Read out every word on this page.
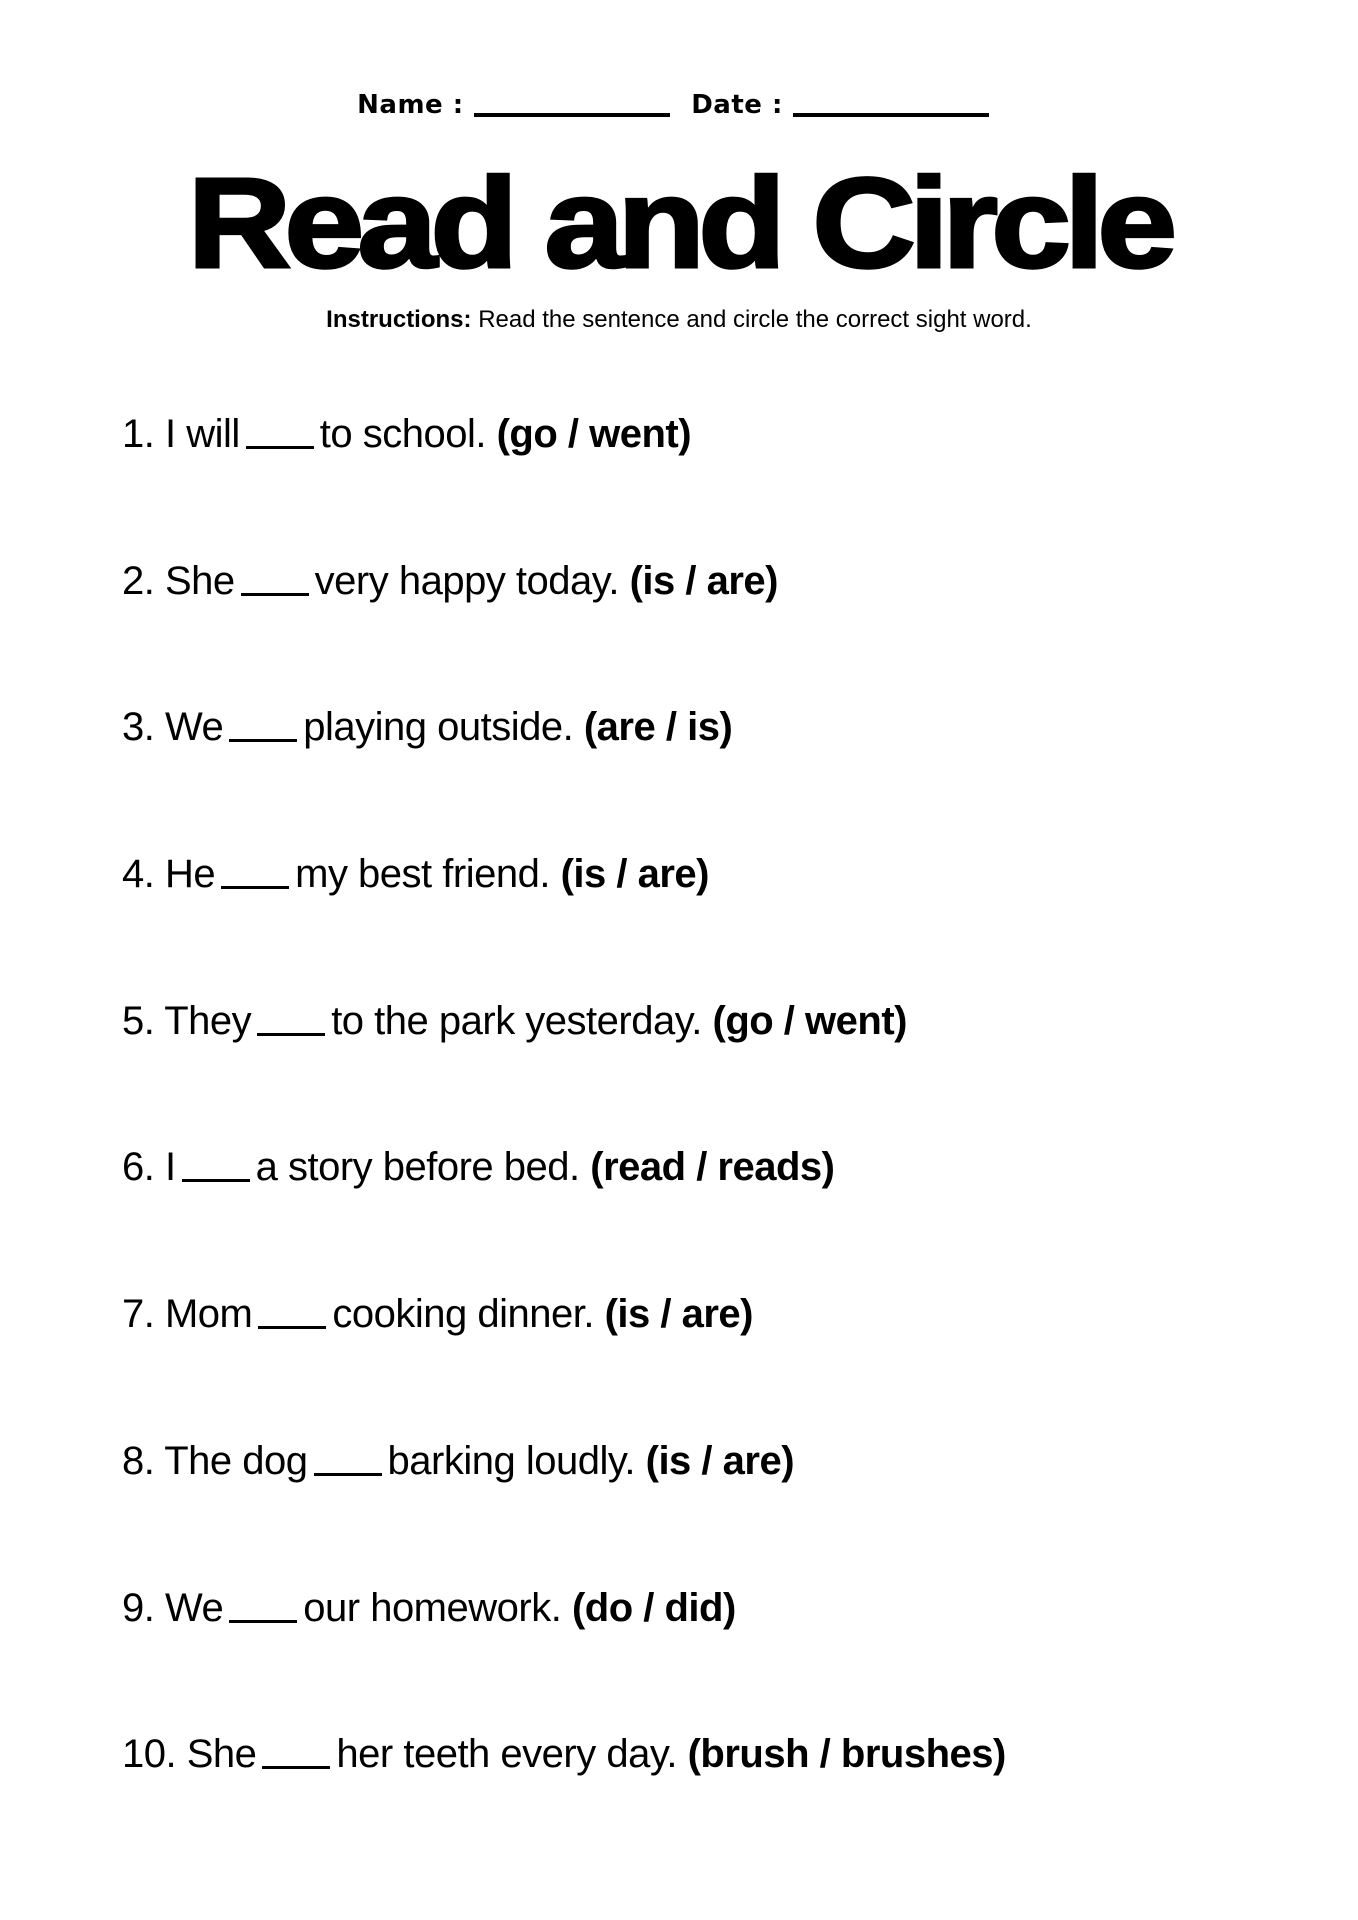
Name :	Date :
Read and Circle
Instructions: Read the sentence and circle the correct sight word.
1. I will to school. (go / went)
2. She very happy today. (is / are)
3. We playing outside. (are / is)
4. He my best friend. (is / are)
5. They to the park yesterday. (go / went)
6. I a story before bed. (read / reads)
7. Mom cooking dinner. (is / are)
8. The dog barking loudly. (is / are)
9. We our homework. (do / did)
10. She her teeth every day. (brush / brushes)
